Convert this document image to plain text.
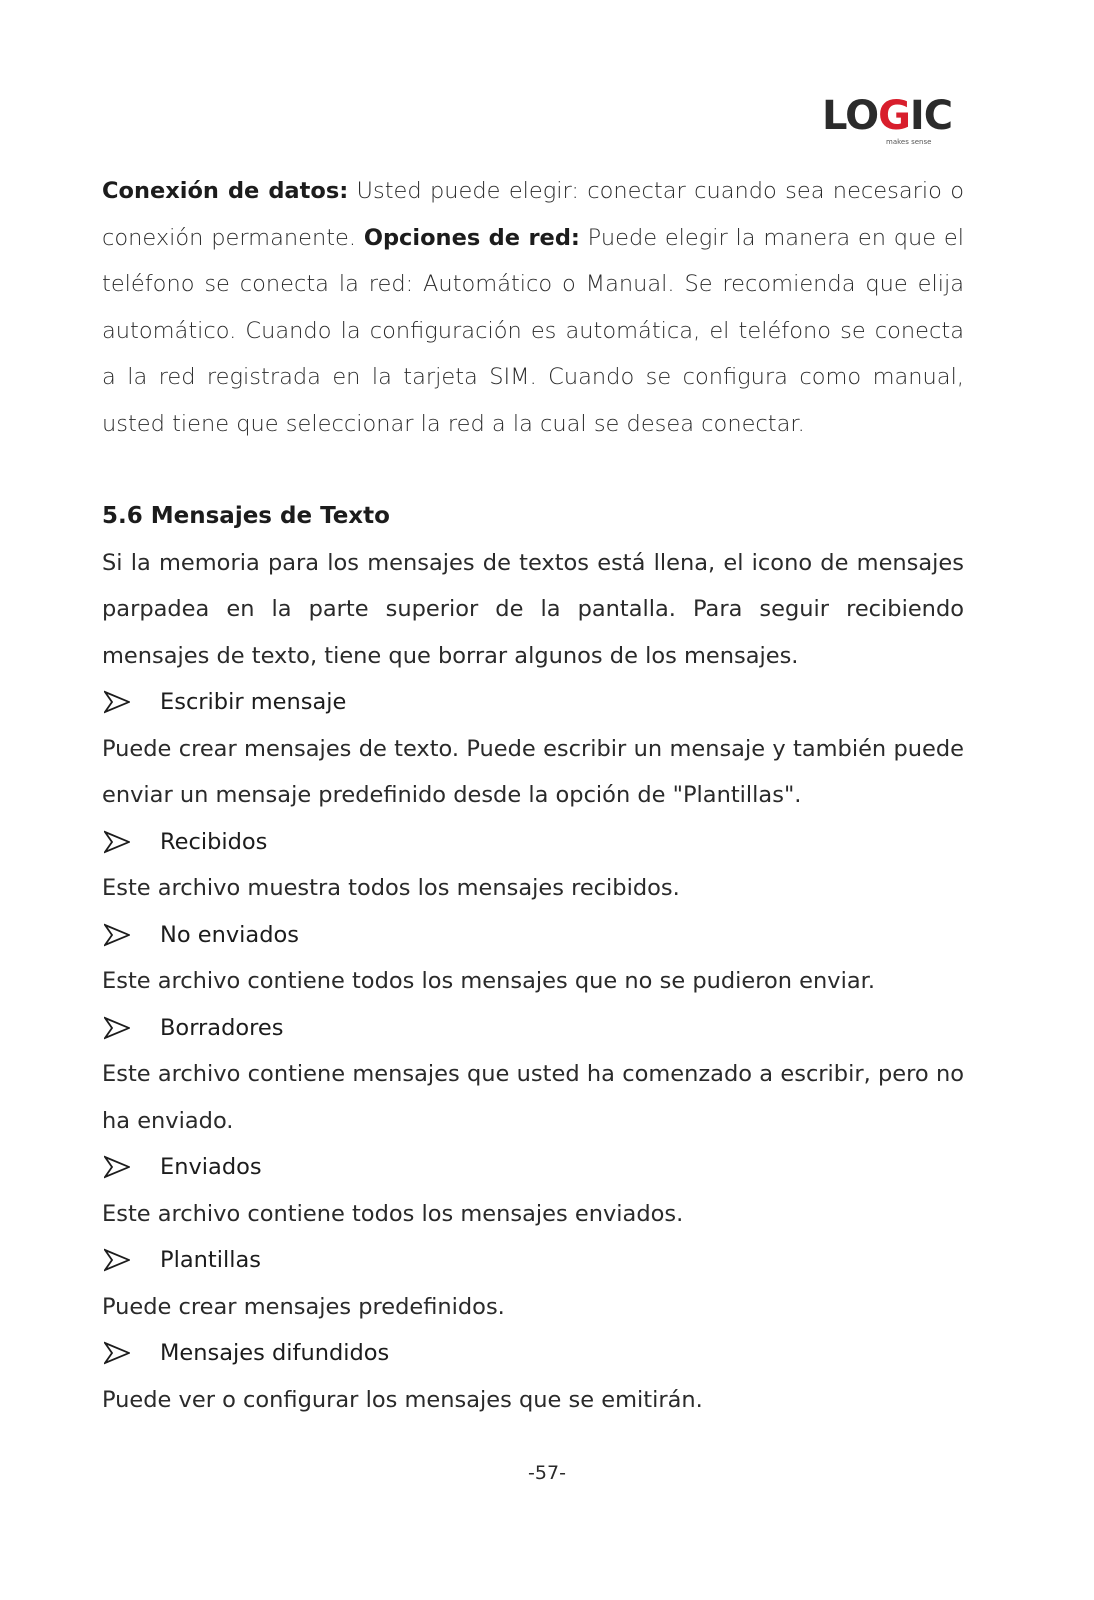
LOGIC
makes sense

Conexión de datos: Usted puede elegir: conectar cuando sea necesario o conexión permanente. Opciones de red: Puede elegir la manera en que el teléfono se conecta la red: Automático o Manual. Se recomienda que elija automático. Cuando la configuración es automática, el teléfono se conecta a la red registrada en la tarjeta SIM. Cuando se configura como manual, usted tiene que seleccionar la red a la cual se desea conectar.

5.6 Mensajes de Texto

Si la memoria para los mensajes de textos está llena, el icono de mensajes parpadea en la parte superior de la pantalla. Para seguir recibiendo mensajes de texto, tiene que borrar algunos de los mensajes.

Escribir mensaje

Puede crear mensajes de texto. Puede escribir un mensaje y también puede enviar un mensaje predefinido desde la opción de "Plantillas".

Recibidos

Este archivo muestra todos los mensajes recibidos.

No enviados

Este archivo contiene todos los mensajes que no se pudieron enviar.

Borradores

Este archivo contiene mensajes que usted ha comenzado a escribir, pero no ha enviado.

Enviados

Este archivo contiene todos los mensajes enviados.

Plantillas

Puede crear mensajes predefinidos.

Mensajes difundidos

Puede ver o configurar los mensajes que se emitirán.

-57-
